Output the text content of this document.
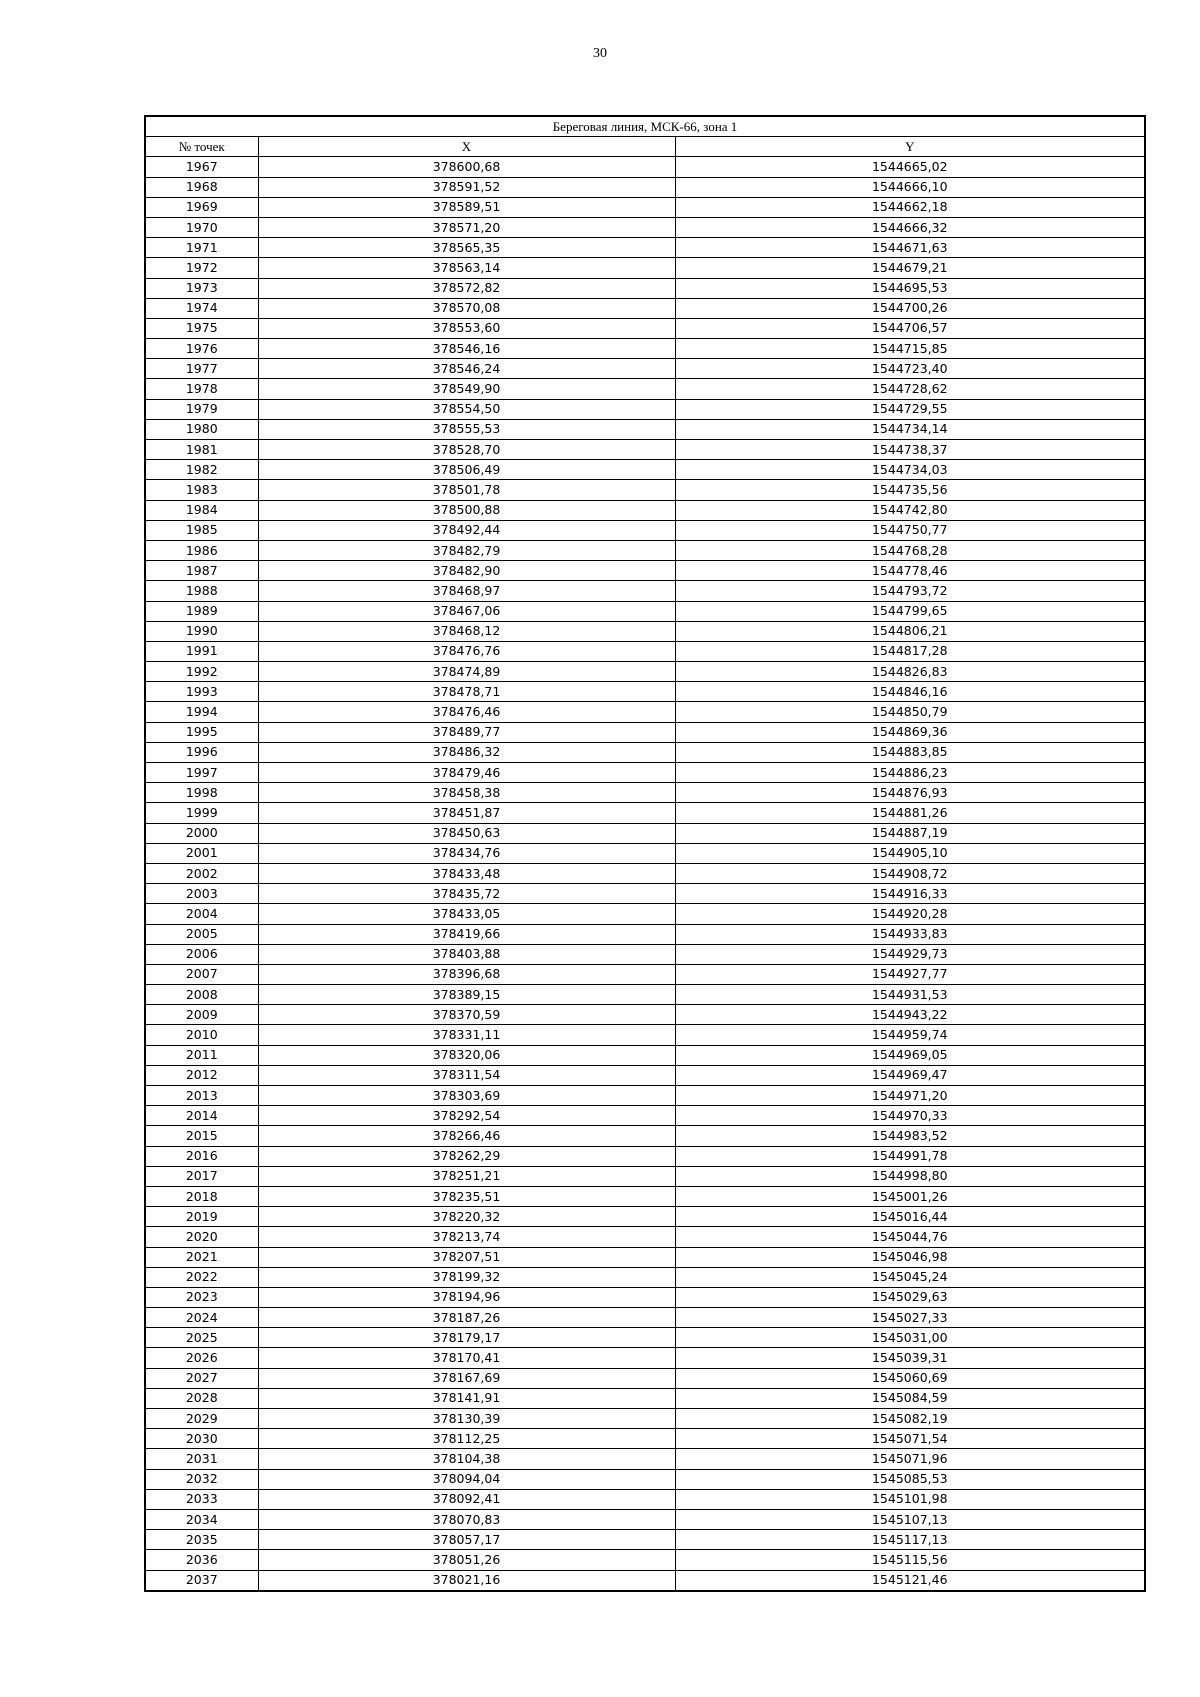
30
Береговая линия, МСК-66, зона 1		
№ точек	X	Y
1967	378600,68	1544665,02
1968	378591,52	1544666,10
1969	378589,51	1544662,18
1970	378571,20	1544666,32
1971	378565,35	1544671,63
1972	378563,14	1544679,21
1973	378572,82	1544695,53
1974	378570,08	1544700,26
1975	378553,60	1544706,57
1976	378546,16	1544715,85
1977	378546,24	1544723,40
1978	378549,90	1544728,62
1979	378554,50	1544729,55
1980	378555,53	1544734,14
1981	378528,70	1544738,37
1982	378506,49	1544734,03
1983	378501,78	1544735,56
1984	378500,88	1544742,80
1985	378492,44	1544750,77
1986	378482,79	1544768,28
1987	378482,90	1544778,46
1988	378468,97	1544793,72
1989	378467,06	1544799,65
1990	378468,12	1544806,21
1991	378476,76	1544817,28
1992	378474,89	1544826,83
1993	378478,71	1544846,16
1994	378476,46	1544850,79
1995	378489,77	1544869,36
1996	378486,32	1544883,85
1997	378479,46	1544886,23
1998	378458,38	1544876,93
1999	378451,87	1544881,26
2000	378450,63	1544887,19
2001	378434,76	1544905,10
2002	378433,48	1544908,72
2003	378435,72	1544916,33
2004	378433,05	1544920,28
2005	378419,66	1544933,83
2006	378403,88	1544929,73
2007	378396,68	1544927,77
2008	378389,15	1544931,53
2009	378370,59	1544943,22
2010	378331,11	1544959,74
2011	378320,06	1544969,05
2012	378311,54	1544969,47
2013	378303,69	1544971,20
2014	378292,54	1544970,33
2015	378266,46	1544983,52
2016	378262,29	1544991,78
2017	378251,21	1544998,80
2018	378235,51	1545001,26
2019	378220,32	1545016,44
2020	378213,74	1545044,76
2021	378207,51	1545046,98
2022	378199,32	1545045,24
2023	378194,96	1545029,63
2024	378187,26	1545027,33
2025	378179,17	1545031,00
2026	378170,41	1545039,31
2027	378167,69	1545060,69
2028	378141,91	1545084,59
2029	378130,39	1545082,19
2030	378112,25	1545071,54
2031	378104,38	1545071,96
2032	378094,04	1545085,53
2033	378092,41	1545101,98
2034	378070,83	1545107,13
2035	378057,17	1545117,13
2036	378051,26	1545115,56
2037	378021,16	1545121,46
